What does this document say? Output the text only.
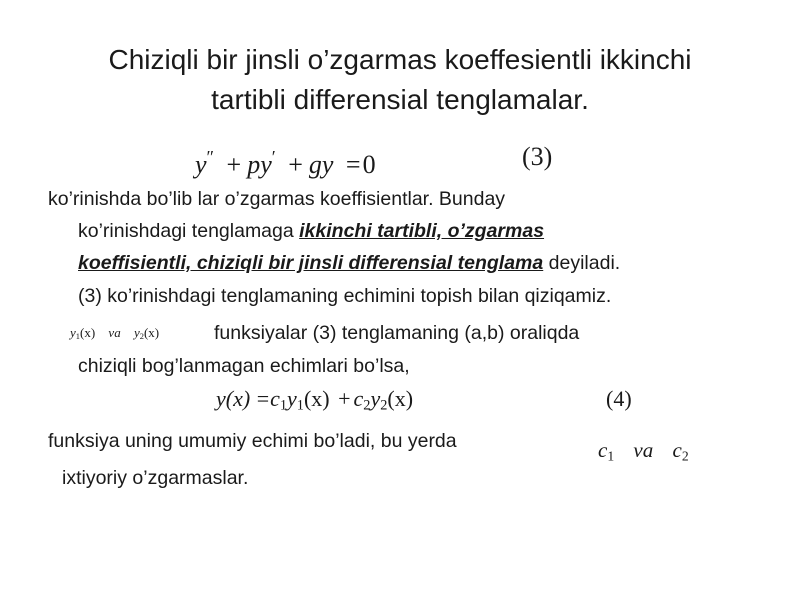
Chiziqli bir jinsli o’zgarmas koeffesientli ikkinchi
tartibli differensial tenglamalar.
y″ + py′ + gy =0	(3)
ko’rinishda bo’lib lar o’zgarmas koeffisientlar. Bunday
ko’rinishdagi tenglamaga ikkinchi tartibli, o’zgarmas
koeffisientli, chiziqli bir jinsli differensial tenglama deyiladi.
(3) ko’rinishdagi tenglamaning echimini topish bilan qiziqamiz.
$y_1(x)$ va $y_2(x)$	funksiyalar (3) tenglamaning (a,b) oraliqda
chiziqli bog’lanmagan echimlari bo’lsa,
$y(x) =c_1y_1(x) + c_2y_2(x)$	(4)
funksiya uning umumiy echimi bo’ladi, bu yerda	$c_1$ va $c_2$
ixtiyoriy o’zgarmaslar.
